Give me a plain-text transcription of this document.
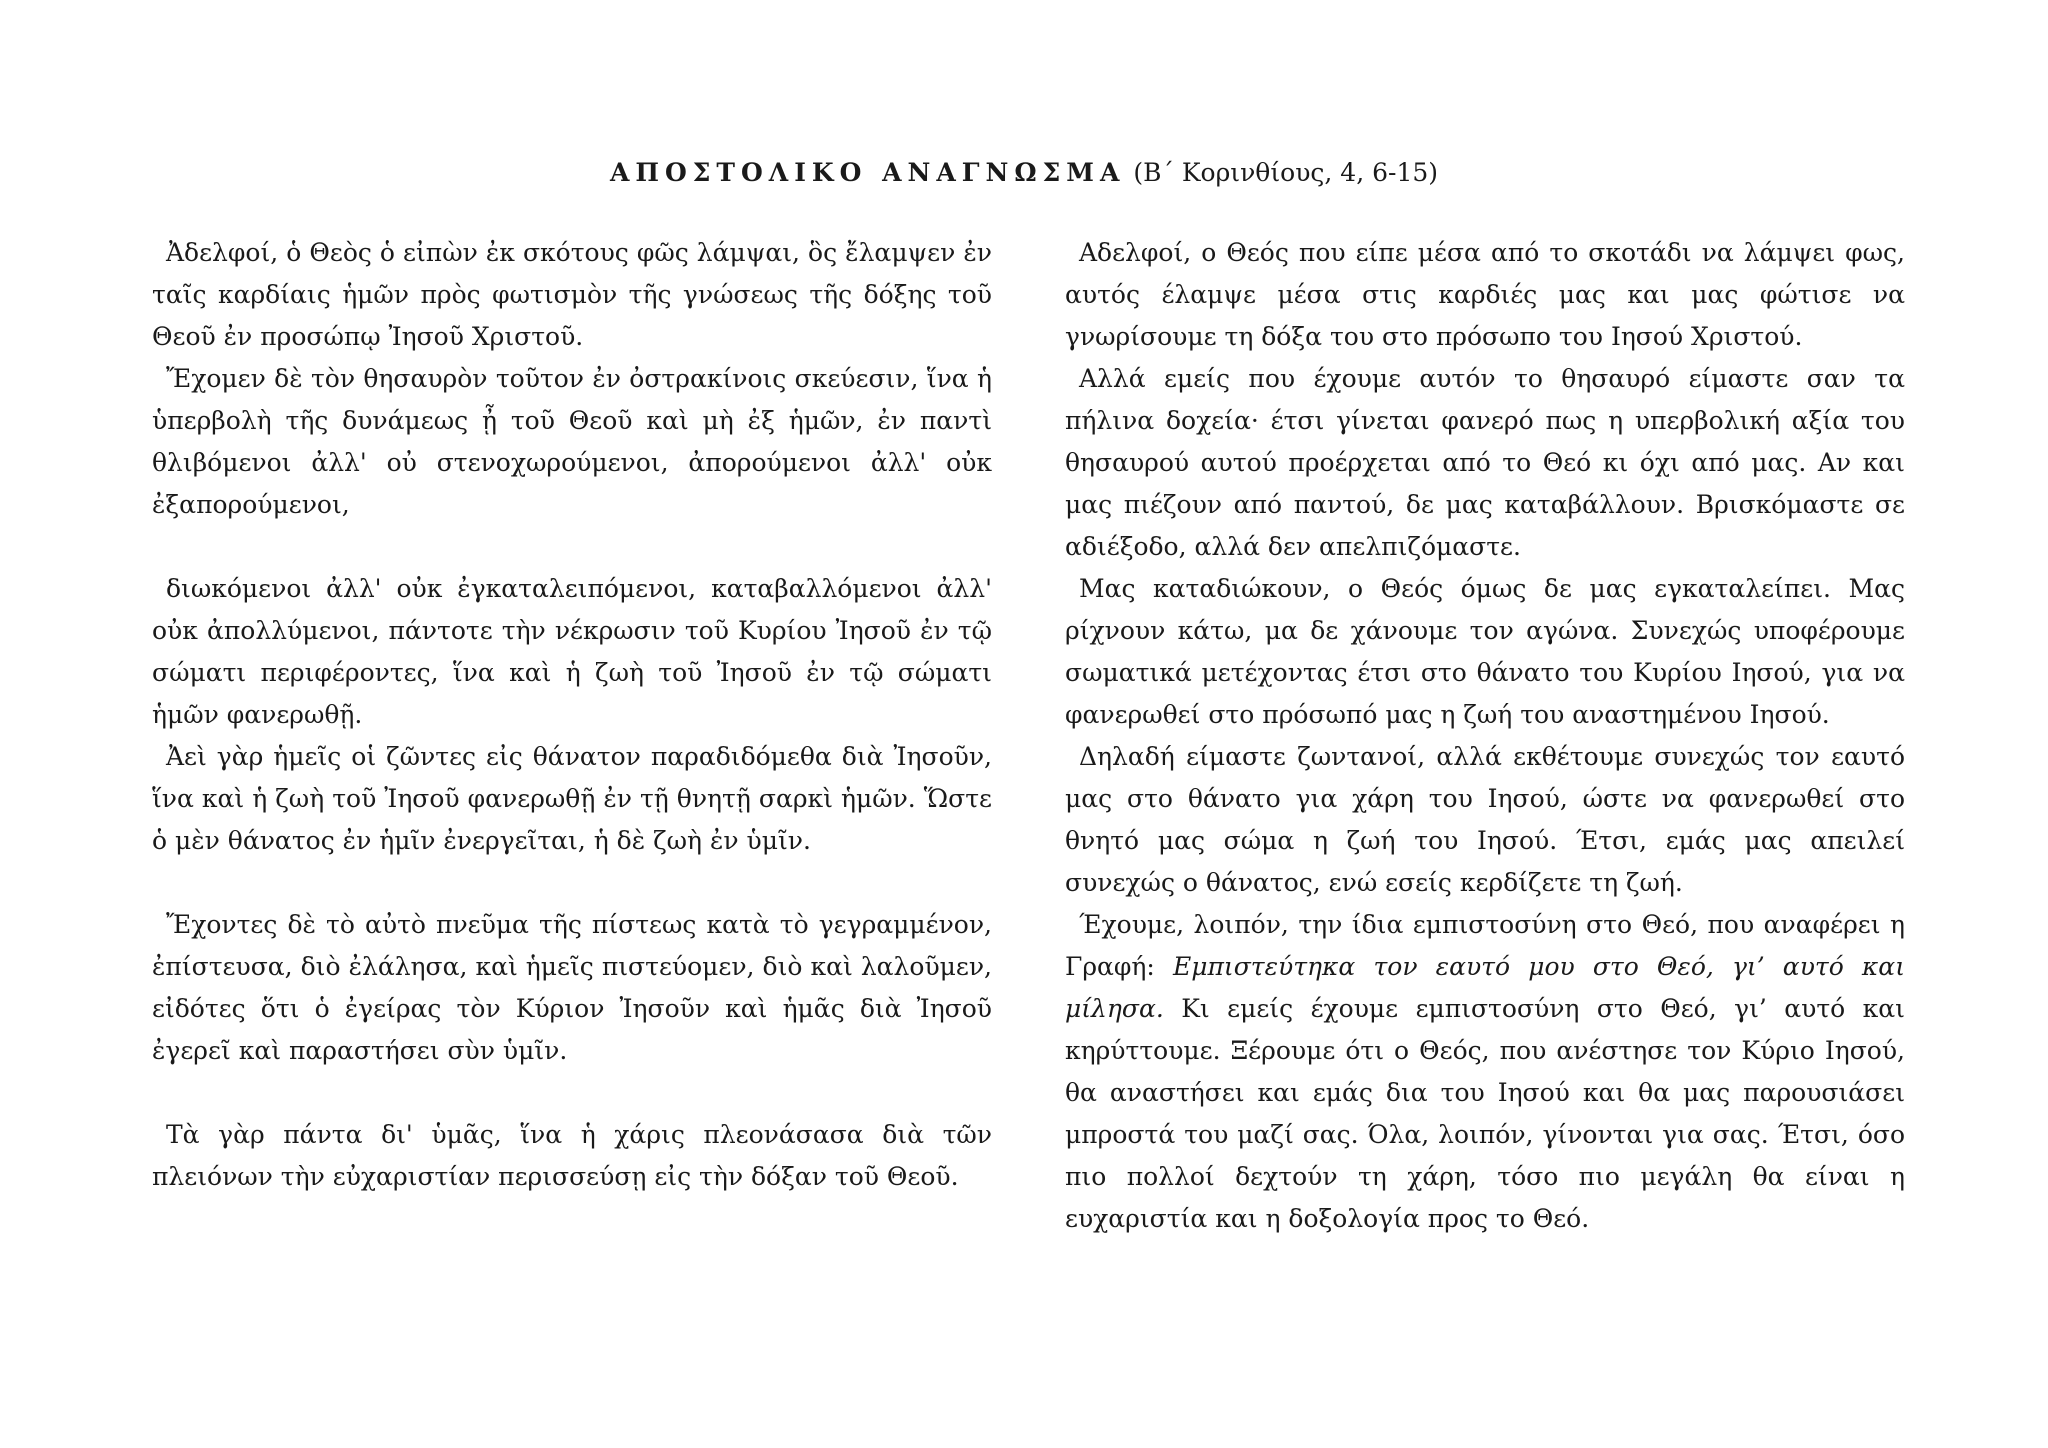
ΑΠΟΣΤΟΛΙΚΟ ΑΝΑΓΝΩΣΜΑ (Β΄ Κορινθίους, 4, 6-15)

Ἀδελφοί, ὁ Θεὸς ὁ εἰπὼν ἐκ σκότους φῶς λάμψαι, ὃς ἔλαμψεν ἐν ταῖς καρδίαις ἡμῶν πρὸς φωτισμὸν τῆς γνώσεως τῆς δόξης τοῦ Θεοῦ ἐν προσώπῳ Ἰησοῦ Χριστοῦ.

Ἔχομεν δὲ τὸν θησαυρὸν τοῦτον ἐν ὀστρακίνοις σκεύεσιν, ἵνα ἡ ὑπερβολὴ τῆς δυνάμεως ᾖ τοῦ Θεοῦ καὶ μὴ ἐξ ἡμῶν, ἐν παντὶ θλιβόμενοι ἀλλ' οὐ στενοχωρούμενοι, ἀπορούμενοι ἀλλ' οὐκ ἐξαπορούμενοι,

διωκόμενοι ἀλλ' οὐκ ἐγκαταλειπόμενοι, καταβαλλόμενοι ἀλλ' οὐκ ἀπολλύμενοι, πάντοτε τὴν νέκρωσιν τοῦ Κυρίου Ἰησοῦ ἐν τῷ σώματι περιφέροντες, ἵνα καὶ ἡ ζωὴ τοῦ Ἰησοῦ ἐν τῷ σώματι ἡμῶν φανερωθῇ.

Ἀεὶ γὰρ ἡμεῖς οἱ ζῶντες εἰς θάνατον παραδιδόμεθα διὰ Ἰησοῦν, ἵνα καὶ ἡ ζωὴ τοῦ Ἰησοῦ φανερωθῇ ἐν τῇ θνητῇ σαρκὶ ἡμῶν. Ὥστε ὁ μὲν θάνατος ἐν ἡμῖν ἐνεργεῖται, ἡ δὲ ζωὴ ἐν ὑμῖν.

Ἔχοντες δὲ τὸ αὐτὸ πνεῦμα τῆς πίστεως κατὰ τὸ γεγραμμένον, ἐπίστευσα, διὸ ἐλάλησα, καὶ ἡμεῖς πιστεύομεν, διὸ καὶ λαλοῦμεν, εἰδότες ὅτι ὁ ἐγείρας τὸν Κύριον Ἰησοῦν καὶ ἡμᾶς διὰ Ἰησοῦ ἐγερεῖ καὶ παραστήσει σὺν ὑμῖν.

Τὰ γὰρ πάντα δι' ὑμᾶς, ἵνα ἡ χάρις πλεονάσασα διὰ τῶν πλειόνων τὴν εὐχαριστίαν περισσεύσῃ εἰς τὴν δόξαν τοῦ Θεοῦ.

Αδελφοί, ο Θεός που είπε μέσα από το σκοτάδι να λάμψει φως, αυτός έλαμψε μέσα στις καρδιές μας και μας φώτισε να γνωρίσουμε τη δόξα του στο πρόσωπο του Ιησού Χριστού.

Αλλά εμείς που έχουμε αυτόν το θησαυρό είμαστε σαν τα πήλινα δοχεία· έτσι γίνεται φανερό πως η υπερβολική αξία του θησαυρού αυτού προέρχεται από το Θεό κι όχι από μας. Αν και μας πιέζουν από παντού, δε μας καταβάλλουν. Βρισκόμαστε σε αδιέξοδο, αλλά δεν απελπιζόμαστε.

Μας καταδιώκουν, ο Θεός όμως δε μας εγκαταλείπει. Μας ρίχνουν κάτω, μα δε χάνουμε τον αγώνα. Συνεχώς υποφέρουμε σωματικά μετέχοντας έτσι στο θάνατο του Κυρίου Ιησού, για να φανερωθεί στο πρόσωπό μας η ζωή του αναστημένου Ιησού.

Δηλαδή είμαστε ζωντανοί, αλλά εκθέτουμε συνεχώς τον εαυτό μας στο θάνατο για χάρη του Ιησού, ώστε να φανερωθεί στο θνητό μας σώμα η ζωή του Ιησού. Έτσι, εμάς μας απειλεί συνεχώς ο θάνατος, ενώ εσείς κερδίζετε τη ζωή.

Έχουμε, λοιπόν, την ίδια εμπιστοσύνη στο Θεό, που αναφέρει η Γραφή: Εμπιστεύτηκα τον εαυτό μου στο Θεό, γι’ αυτό και μίλησα. Κι εμείς έχουμε εμπιστοσύνη στο Θεό, γι’ αυτό και κηρύττουμε. Ξέρουμε ότι ο Θεός, που ανέστησε τον Κύριο Ιησού, θα αναστήσει και εμάς δια του Ιησού και θα μας παρουσιάσει μπροστά του μαζί σας. Όλα, λοιπόν, γίνονται για σας. Έτσι, όσο πιο πολλοί δεχτούν τη χάρη, τόσο πιο μεγάλη θα είναι η ευχαριστία και η δοξολογία προς το Θεό.
